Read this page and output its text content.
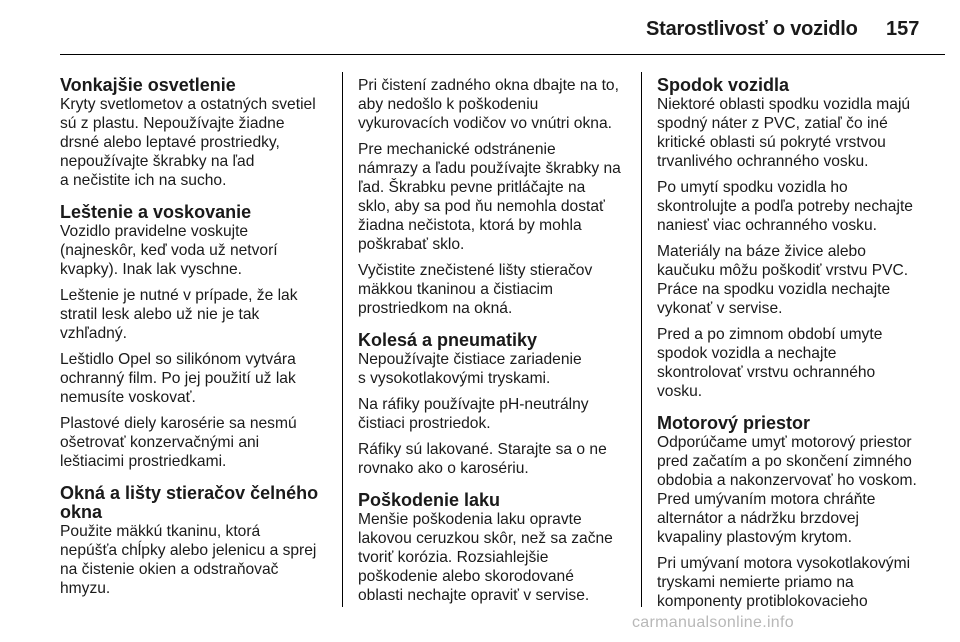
Starostlivosť o vozidlo 157
Vonkajšie osvetlenie

Kryty svetlometov a ostatných svetiel
sú z plastu. Nepoužívajte žiadne
drsné alebo leptavé prostriedky,
nepoužívajte škrabky na ľad
a nečistite ich na sucho.

Leštenie a voskovanie

Vozidlo pravidelne voskujte
(najneskôr, keď voda už netvorí
kvapky). Inak lak vyschne.

Leštenie je nutné v prípade, že lak
stratil lesk alebo už nie je tak
vzhľadný.

Leštidlo Opel so silikónom vytvára
ochranný film. Po jej použití už lak
nemusíte voskovať.

Plastové diely karosérie sa nesmú
ošetrovať konzervačnými ani
leštiacimi prostriedkami.

Okná a lišty stieračov čelného
okna

Použite mäkkú tkaninu, ktorá
nepúšťa chĺpky alebo jelenicu a sprej
na čistenie okien a odstraňovač
hmyzu.

Pri čistení zadného okna dbajte na to,
aby nedošlo k poškodeniu
vykurovacích vodičov vo vnútri okna.

Pre mechanické odstránenie
námrazy a ľadu používajte škrabky na
ľad. Škrabku pevne pritláčajte na
sklo, aby sa pod ňu nemohla dostať
žiadna nečistota, ktorá by mohla
poškrabať sklo.

Vyčistite znečistené lišty stieračov
mäkkou tkaninou a čistiacim
prostriedkom na okná.

Kolesá a pneumatiky

Nepoužívajte čistiace zariadenie
s vysokotlakovými tryskami.

Na ráfiky používajte pH-neutrálny
čistiaci prostriedok.

Ráfiky sú lakované. Starajte sa o ne
rovnako ako o karosériu.

Poškodenie laku

Menšie poškodenia laku opravte
lakovou ceruzkou skôr, než sa začne
tvoriť korózia. Rozsiahlejšie
poškodenie alebo skorodované
oblasti nechajte opraviť v servise.

Spodok vozidla

Niektoré oblasti spodku vozidla majú
spodný náter z PVC, zatiaľ čo iné
kritické oblasti sú pokryté vrstvou
trvanlivého ochranného vosku.

Po umytí spodku vozidla ho
skontrolujte a podľa potreby nechajte
naniesť viac ochranného vosku.

Materiály na báze živice alebo
kaučuku môžu poškodiť vrstvu PVC.
Práce na spodku vozidla nechajte
vykonať v servise.

Pred a po zimnom období umyte
spodok vozidla a nechajte
skontrolovať vrstvu ochranného
vosku.

Motorový priestor

Odporúčame umyť motorový priestor
pred začatím a po skončení zimného
obdobia a nakonzervovať ho voskom.
Pred umývaním motora chráňte
alternátor a nádržku brzdovej
kvapaliny plastovým krytom.

Pri umývaní motora vysokotlakovými
tryskami nemierte priamo na
komponenty protiblokovacieho

carmanualsonline.info
